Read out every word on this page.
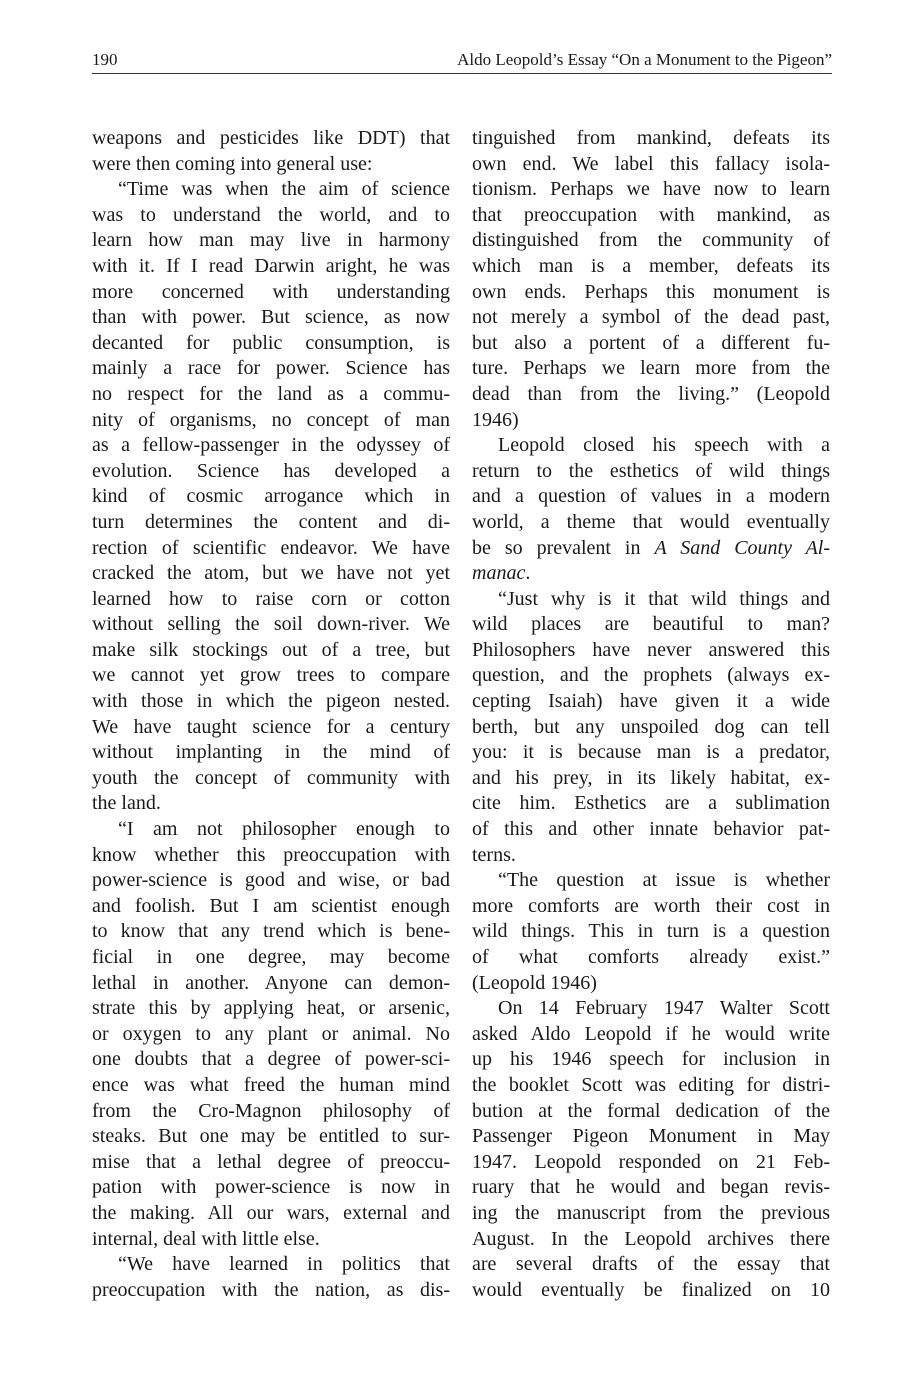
190	Aldo Leopold’s Essay “On a Monument to the Pigeon”
weapons and pesticides like DDT) that
were then coming into general use:
“Time was when the aim of science
was to understand the world, and to
learn how man may live in harmony
with it. If I read Darwin aright, he was
more concerned with understanding
than with power. But science, as now
decanted for public consumption, is
mainly a race for power. Science has
no respect for the land as a commu-
nity of organisms, no concept of man
as a fellow-passenger in the odyssey of
evolution. Science has developed a
kind of cosmic arrogance which in
turn determines the content and di-
rection of scientific endeavor. We have
cracked the atom, but we have not yet
learned how to raise corn or cotton
without selling the soil down-river. We
make silk stockings out of a tree, but
we cannot yet grow trees to compare
with those in which the pigeon nested.
We have taught science for a century
without implanting in the mind of
youth the concept of community with
the land.
“I am not philosopher enough to
know whether this preoccupation with
power-science is good and wise, or bad
and foolish. But I am scientist enough
to know that any trend which is bene-
ficial in one degree, may become
lethal in another. Anyone can demon-
strate this by applying heat, or arsenic,
or oxygen to any plant or animal. No
one doubts that a degree of power-sci-
ence was what freed the human mind
from the Cro-Magnon philosophy of
steaks. But one may be entitled to sur-
mise that a lethal degree of preoccu-
pation with power-science is now in
the making. All our wars, external and
internal, deal with little else.
“We have learned in politics that
preoccupation with the nation, as dis-
tinguished from mankind, defeats its
own end. We label this fallacy isola-
tionism. Perhaps we have now to learn
that preoccupation with mankind, as
distinguished from the community of
which man is a member, defeats its
own ends. Perhaps this monument is
not merely a symbol of the dead past,
but also a portent of a different fu-
ture. Perhaps we learn more from the
dead than from the living.” (Leopold
1946)
Leopold closed his speech with a
return to the esthetics of wild things
and a question of values in a modern
world, a theme that would eventually
be so prevalent in A Sand County Al-
manac.
“Just why is it that wild things and
wild places are beautiful to man?
Philosophers have never answered this
question, and the prophets (always ex-
cepting Isaiah) have given it a wide
berth, but any unspoiled dog can tell
you: it is because man is a predator,
and his prey, in its likely habitat, ex-
cite him. Esthetics are a sublimation
of this and other innate behavior pat-
terns.
“The question at issue is whether
more comforts are worth their cost in
wild things. This in turn is a question
of what comforts already exist.”
(Leopold 1946)
On 14 February 1947 Walter Scott
asked Aldo Leopold if he would write
up his 1946 speech for inclusion in
the booklet Scott was editing for distri-
bution at the formal dedication of the
Passenger Pigeon Monument in May
1947. Leopold responded on 21 Feb-
ruary that he would and began revis-
ing the manuscript from the previous
August. In the Leopold archives there
are several drafts of the essay that
would eventually be finalized on 10
